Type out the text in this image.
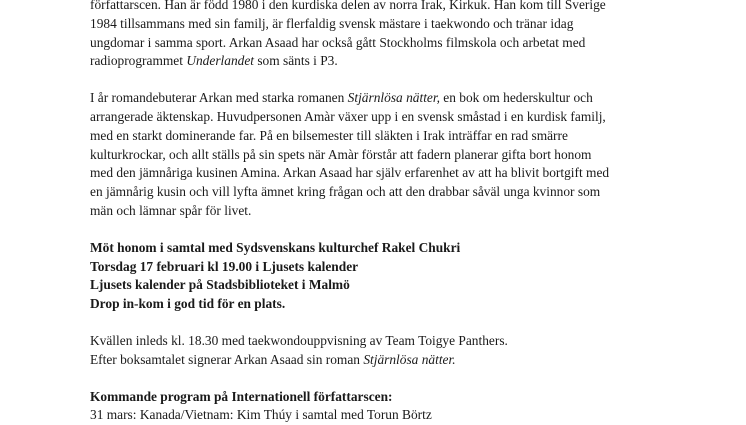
författarscen. Han är född 1980 i den kurdiska delen av norra Irak, Kirkuk. Han kom till Sverige

1984 tillsammans med sin familj, är flerfaldig svensk mästare i taekwondo och tränar idag

ungdomar i samma sport. Arkan Asaad har också gått Stockholms filmskola och arbetat med

radioprogrammet Underlandet som sänts i P3.

I år romandebuterar Arkan med starka romanen Stjärnlösa nätter, en bok om hederskultur och

arrangerade äktenskap. Huvudpersonen Amàr växer upp i en svensk småstad i en kurdisk familj,

med en starkt dominerande far. På en bilsemester till släkten i Irak inträffar en rad smärre

kulturkrockar, och allt ställs på sin spets när Amàr förstår att fadern planerar gifta bort honom

med den jämnåriga kusinen Amina. Arkan Asaad har själv erfarenhet av att ha blivit bortgift med

en jämnårig kusin och vill lyfta ämnet kring frågan och att den drabbar såväl unga kvinnor som

män och lämnar spår för livet.

Möt honom i samtal med Sydsvenskans kulturchef Rakel Chukri

Torsdag 17 februari kl 19.00 i Ljusets kalender

Ljusets kalender på Stadsbiblioteket i Malmö

Drop in-kom i god tid för en plats.

Kvällen inleds kl. 18.30 med taekwondouppvisning av Team Toigye Panthers.

Efter boksamtalet signerar Arkan Asaad sin roman Stjärnlösa nätter.

Kommande program på Internationell författarscen:

31 mars: Kanada/Vietnam: Kim Thúy i samtal med Torun Börtz
